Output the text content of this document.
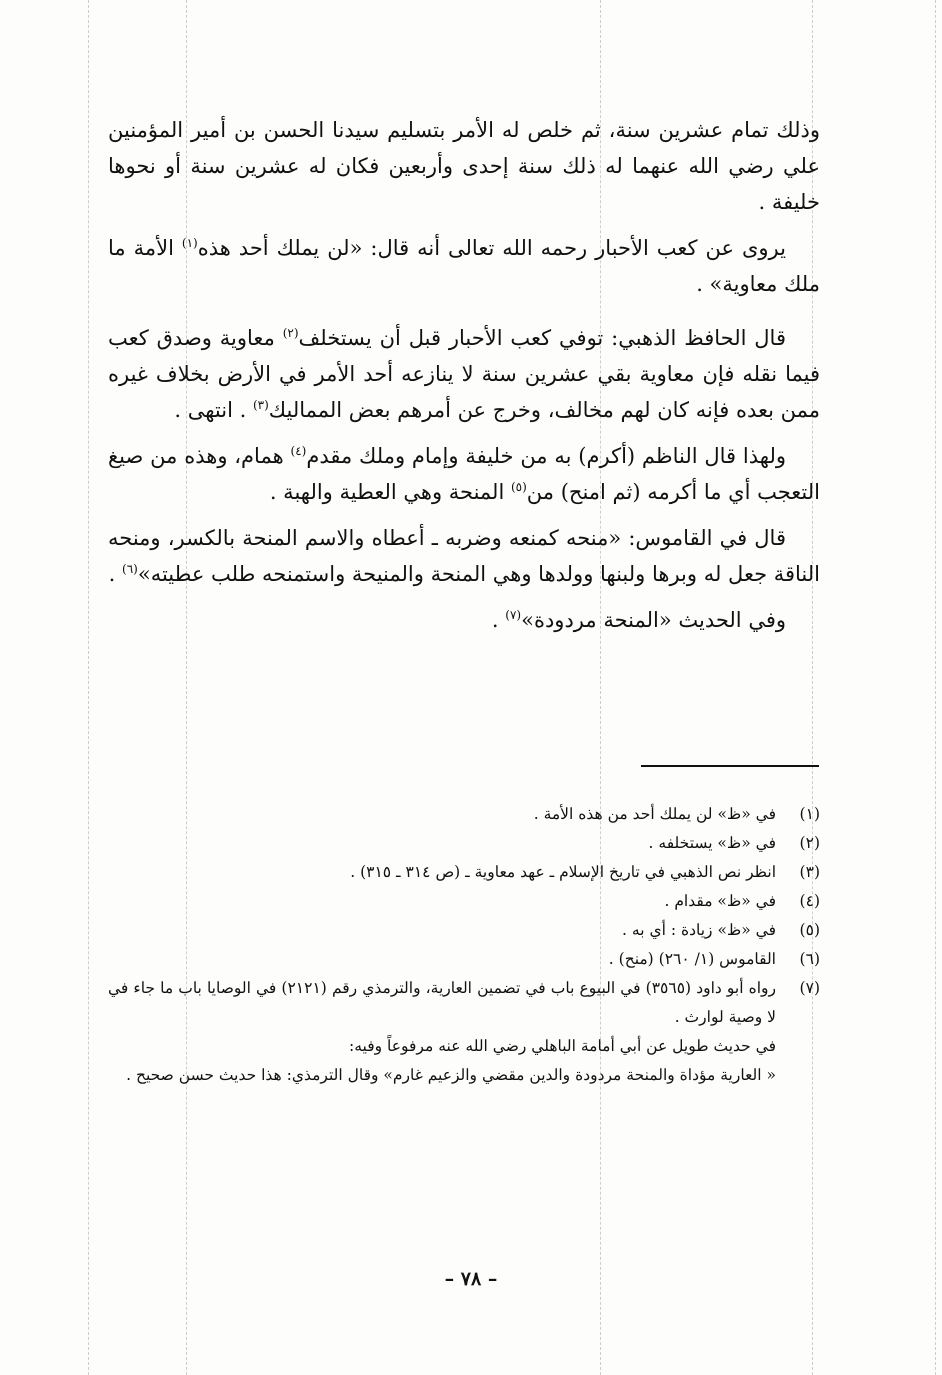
وذلك تمام عشرين سنة، ثم خلص له الأمر بتسليم سيدنا الحسن بن أمير المؤمنين علي رضي الله عنهما له ذلك سنة إحدى وأربعين فكان له عشرين سنة أو نحوها خليفة .

يروى عن كعب الأحبار رحمه الله تعالى أنه قال: «لن يملك أحد هذه$^{(١)}$ الأمة ما ملك معاوية» .

قال الحافظ الذهبي: توفي كعب الأحبار قبل أن يستخلف$^{(٢)}$ معاوية وصدق كعب فيما نقله فإن معاوية بقي عشرين سنة لا ينازعه أحد الأمر في الأرض بخلاف غيره ممن بعده فإنه كان لهم مخالف، وخرج عن أمرهم بعض المماليك$^{(٣)}$ . انتهى .

ولهذا قال الناظم (أكرم) به من خليفة وإمام وملك مقدم$^{(٤)}$ همام، وهذه من صيغ التعجب أي ما أكرمه (ثم امنح) من$^{(٥)}$ المنحة وهي العطية والهبة .

قال في القاموس: «منحه كمنعه وضربه ـ أعطاه والاسم المنحة بالكسر، ومنحه الناقة جعل له وبرها ولبنها وولدها وهي المنحة والمنيحة واستمنحه طلب عطيته»$^{(٦)}$ .

وفي الحديث «المنحة مردودة»$^{(٧)}$ .

(١)
في «ظ» لن يملك أحد من هذه الأمة .
(٢)
في «ظ» يستخلفه .
(٣)
انظر نص الذهبي في تاريخ الإسلام ـ عهد معاوية ـ (ص ٣١٤ ـ ٣١٥) .
(٤)
في «ظ» مقدام .
(٥)
في «ظ» زيادة : أي به .
(٦)
القاموس (١/ ٢٦٠) (منح) .
(٧)
رواه أبو داود (٣٥٦٥) في البيوع باب في تضمين العارية، والترمذي رقم (٢١٢١) في الوصايا باب ما جاء في لا وصية لوارث .
في حديث طويل عن أبي أمامة الباهلي رضي الله عنه مرفوعاً وفيه:
« العارية مؤداة والمنحة مردودة والدين مقضي والزعيم غارم» وقال الترمذي: هذا حديث حسن صحيح .
– ٧٨ –
